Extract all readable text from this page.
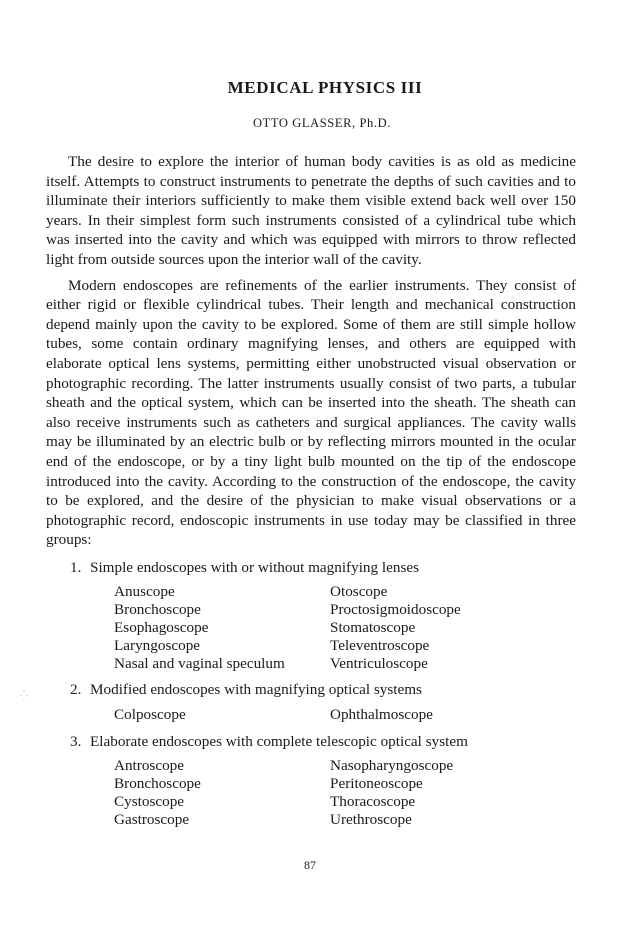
MEDICAL PHYSICS III
OTTO GLASSER, Ph.D.

The desire to explore the interior of human body cavities is as old as medicine itself. Attempts to construct instruments to penetrate the depths of such cavities and to illuminate their interiors sufficiently to make them visible extend back well over 150 years. In their simplest form such instruments consisted of a cylindrical tube which was inserted into the cavity and which was equipped with mirrors to throw reflected light from outside sources upon the interior wall of the cavity.

Modern endoscopes are refinements of the earlier instruments. They consist of either rigid or flexible cylindrical tubes. Their length and mechanical construction depend mainly upon the cavity to be explored. Some of them are still simple hollow tubes, some contain ordinary magnifying lenses, and others are equipped with elaborate optical lens systems, permitting either unobstructed visual observation or photographic recording. The latter instruments usually consist of two parts, a tubular sheath and the optical system, which can be inserted into the sheath. The sheath can also receive instruments such as catheters and surgical appliances. The cavity walls may be illuminated by an electric bulb or by reflecting mirrors mounted in the ocular end of the endoscope, or by a tiny light bulb mounted on the tip of the endoscope introduced into the cavity. According to the construction of the endoscope, the cavity to be explored, and the desire of the physician to make visual observations or a photographic record, endoscopic instruments in use today may be classified in three groups:

1. Simple endoscopes with or without magnifying lenses
Anuscope	Otoscope
Bronchoscope	Proctosigmoidoscope
Esophagoscope	Stomatoscope
Laryngoscope	Televentroscope
Nasal and vaginal speculum	Ventriculoscope
2. Modified endoscopes with magnifying optical systems
Colposcope	Ophthalmoscope
3. Elaborate endoscopes with complete telescopic optical system
Antroscope	Nasopharyngoscope
Bronchoscope	Peritoneoscope
Cystoscope	Thoracoscope
Gastroscope	Urethroscope
⁛
87
